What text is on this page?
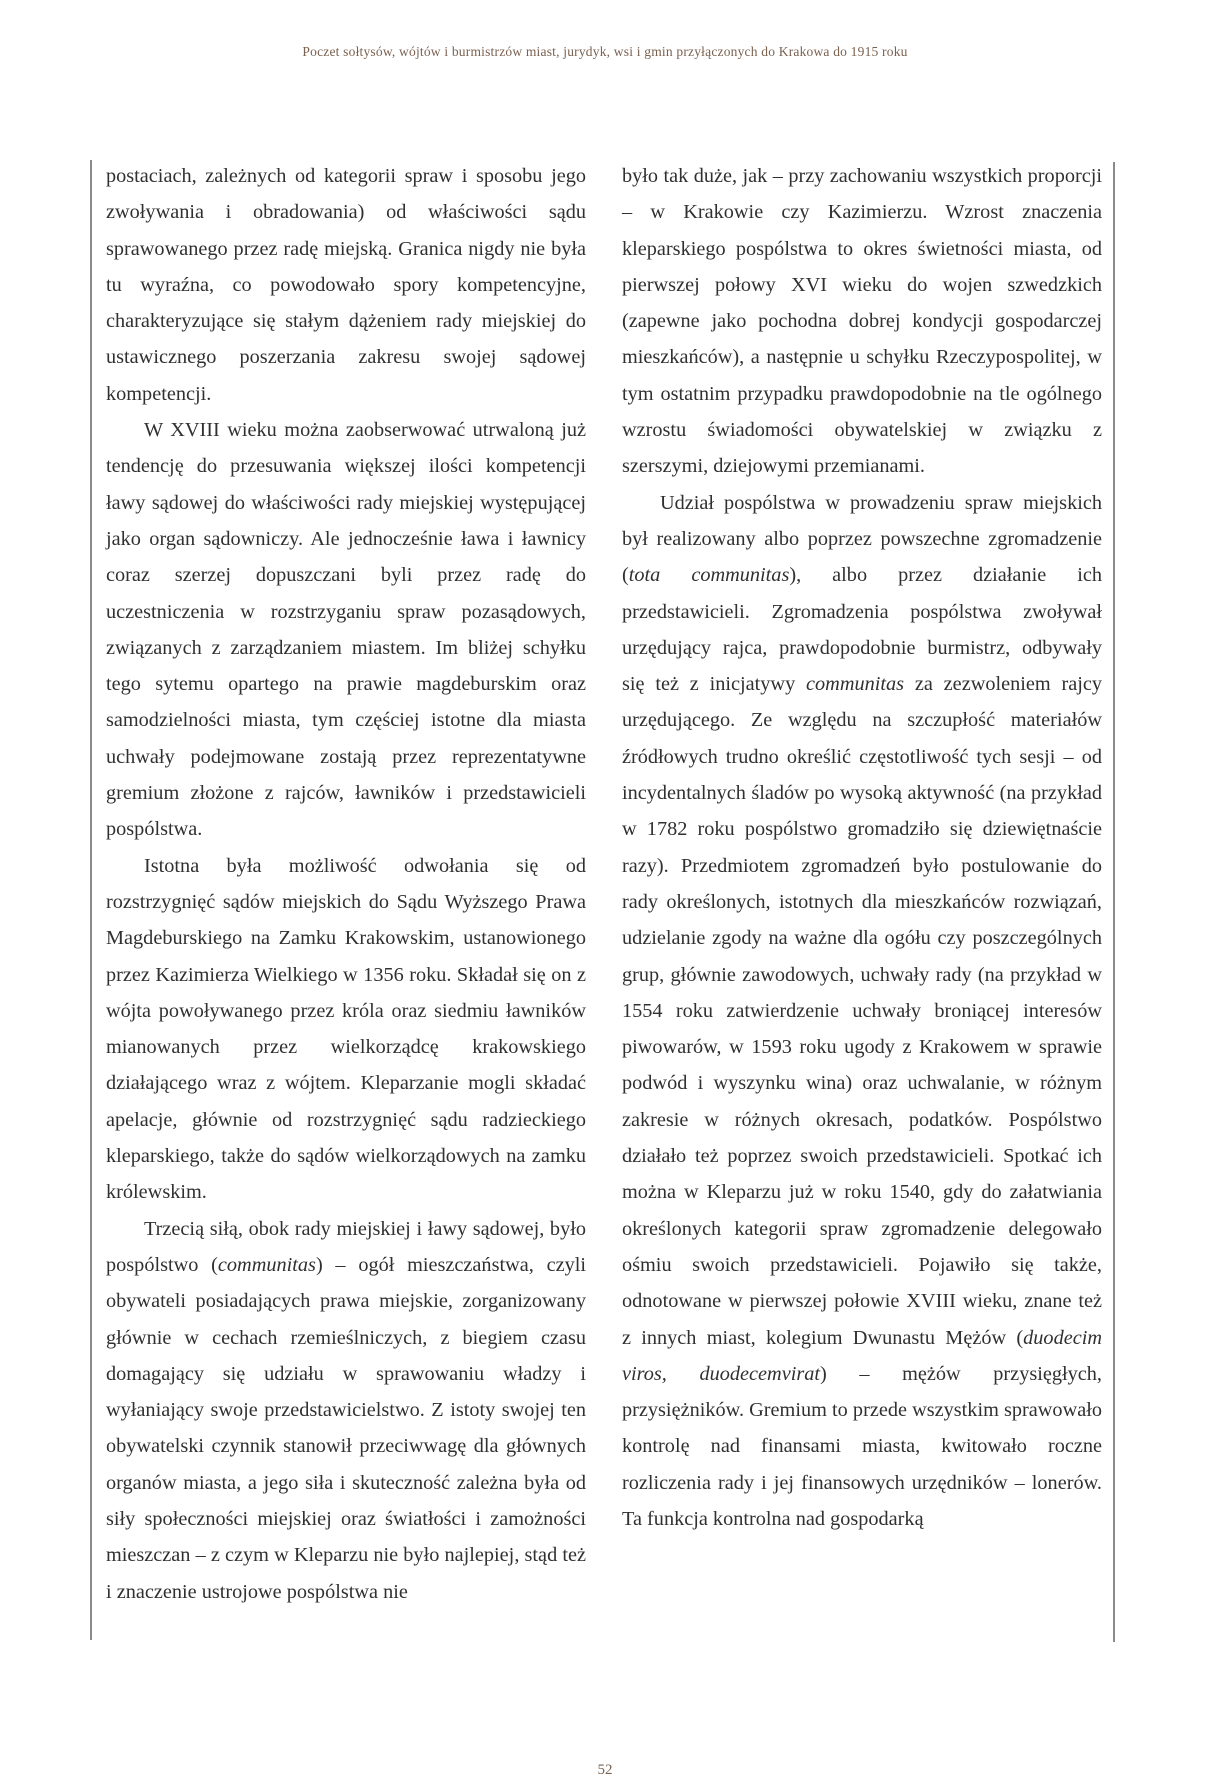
Poczet sołtysów, wójtów i burmistrzów miast, jurydyk, wsi i gmin przyłączonych do Krakowa do 1915 roku

postaciach, zależnych od kategorii spraw i sposobu jego zwoływania i obradowania) od właściwości sądu sprawowanego przez radę miejską. Granica nigdy nie była tu wyraźna, co powodowało spory kompetencyjne, charakteryzujące się stałym dążeniem rady miejskiej do ustawicznego poszerzania zakresu swojej sądowej kompetencji.

W XVIII wieku można zaobserwować utrwaloną już tendencję do przesuwania większej ilości kompetencji ławy sądowej do właściwości rady miejskiej występującej jako organ sądowniczy. Ale jednocześnie ława i ławnicy coraz szerzej dopuszczani byli przez radę do uczestniczenia w rozstrzyganiu spraw pozasądowych, związanych z zarządzaniem miastem. Im bliżej schyłku tego sytemu opartego na prawie magdeburskim oraz samodzielności miasta, tym częściej istotne dla miasta uchwały podejmowane zostają przez reprezentatywne gremium złożone z rajców, ławników i przedstawicieli pospólstwa.

Istotna była możliwość odwołania się od rozstrzygnięć sądów miejskich do Sądu Wyższego Prawa Magdeburskiego na Zamku Krakowskim, ustanowionego przez Kazimierza Wielkiego w 1356 roku. Składał się on z wójta powoływanego przez króla oraz siedmiu ławników mianowanych przez wielkorządcę krakowskiego działającego wraz z wójtem. Kleparzanie mogli składać apelacje, głównie od rozstrzygnięć sądu radzieckiego kleparskiego, także do sądów wielkorządowych na zamku królewskim.

Trzecią siłą, obok rady miejskiej i ławy sądowej, było pospólstwo (communitas) – ogół mieszczaństwa, czyli obywateli posiadających prawa miejskie, zorganizowany głównie w cechach rzemieślniczych, z biegiem czasu domagający się udziału w sprawowaniu władzy i wyłaniający swoje przedstawicielstwo. Z istoty swojej ten obywatelski czynnik stanowił przeciwwagę dla głównych organów miasta, a jego siła i skuteczność zależna była od siły społeczności miejskiej oraz światłości i zamożności mieszczan – z czym w Kleparzu nie było najlepiej, stąd też i znaczenie ustrojowe pospólstwa nie

było tak duże, jak – przy zachowaniu wszystkich proporcji – w Krakowie czy Kazimierzu. Wzrost znaczenia kleparskiego pospólstwa to okres świetności miasta, od pierwszej połowy XVI wieku do wojen szwedzkich (zapewne jako pochodna dobrej kondycji gospodarczej mieszkańców), a następnie u schyłku Rzeczypospolitej, w tym ostatnim przypadku prawdopodobnie na tle ogólnego wzrostu świadomości obywatelskiej w związku z szerszymi, dziejowymi przemianami.

Udział pospólstwa w prowadzeniu spraw miejskich był realizowany albo poprzez powszechne zgromadzenie (tota communitas), albo przez działanie ich przedstawicieli. Zgromadzenia pospólstwa zwoływał urzędujący rajca, prawdopodobnie burmistrz, odbywały się też z inicjatywy communitas za zezwoleniem rajcy urzędującego. Ze względu na szczupłość materiałów źródłowych trudno określić częstotliwość tych sesji – od incydentalnych śladów po wysoką aktywność (na przykład w 1782 roku pospólstwo gromadziło się dziewiętnaście razy). Przedmiotem zgromadzeń było postulowanie do rady określonych, istotnych dla mieszkańców rozwiązań, udzielanie zgody na ważne dla ogółu czy poszczególnych grup, głównie zawodowych, uchwały rady (na przykład w 1554 roku zatwierdzenie uchwały broniącej interesów piwowarów, w 1593 roku ugody z Krakowem w sprawie podwód i wyszynku wina) oraz uchwalanie, w różnym zakresie w różnych okresach, podatków. Pospólstwo działało też poprzez swoich przedstawicieli. Spotkać ich można w Kleparzu już w roku 1540, gdy do załatwiania określonych kategorii spraw zgromadzenie delegowało ośmiu swoich przedstawicieli. Pojawiło się także, odnotowane w pierwszej połowie XVIII wieku, znane też z innych miast, kolegium Dwunastu Mężów (duodecim viros, duodecemvirat) – mężów przysięgłych, przysiężników. Gremium to przede wszystkim sprawowało kontrolę nad finansami miasta, kwitowało roczne rozliczenia rady i jej finansowych urzędników – lonerów. Ta funkcja kontrolna nad gospodarką

52
